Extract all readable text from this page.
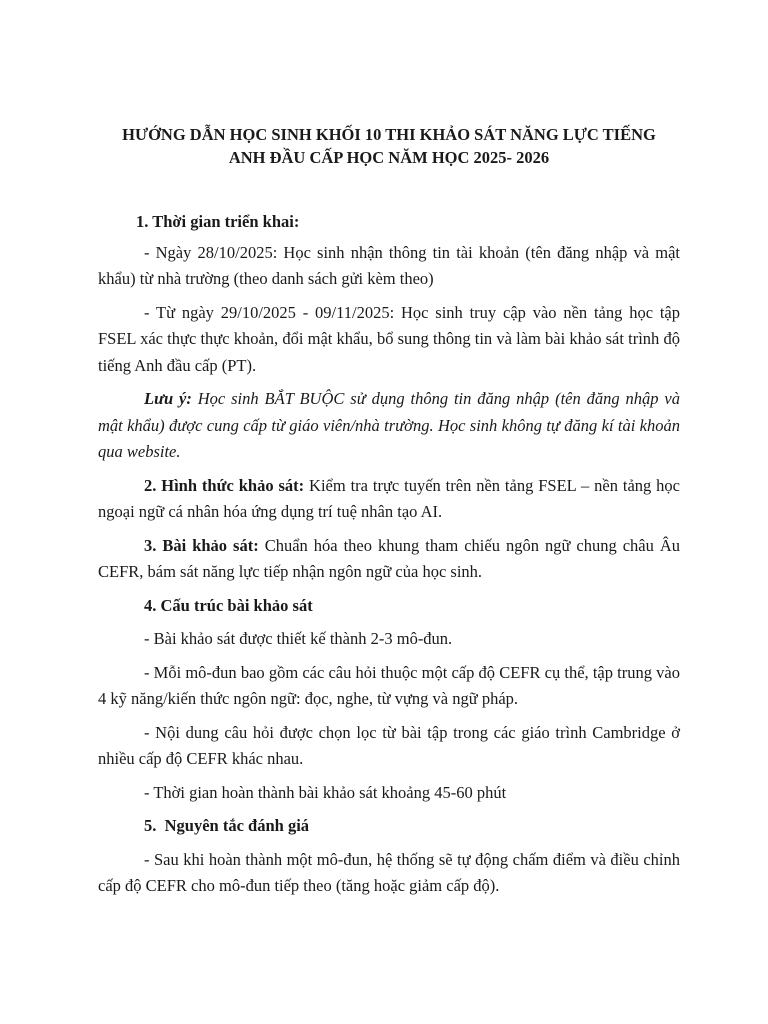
HƯỚNG DẪN HỌC SINH KHỐI 10 THI KHẢO SÁT NĂNG LỰC TIẾNG
ANH ĐẦU CẤP HỌC NĂM HỌC 2025- 2026

1. Thời gian triển khai:

- Ngày 28/10/2025: Học sinh nhận thông tin tài khoản (tên đăng nhập và mật khẩu) từ nhà trường (theo danh sách gửi kèm theo)

- Từ ngày 29/10/2025 - 09/11/2025: Học sinh truy cập vào nền tảng học tập FSEL xác thực thực khoản, đổi mật khẩu, bổ sung thông tin và làm bài khảo sát trình độ tiếng Anh đầu cấp (PT).

Lưu ý: Học sinh BẮT BUỘC sử dụng thông tin đăng nhập (tên đăng nhập và mật khẩu) được cung cấp từ giáo viên/nhà trường. Học sinh không tự đăng kí tài khoản qua website.

2. Hình thức khảo sát: Kiểm tra trực tuyến trên nền tảng FSEL – nền tảng học ngoại ngữ cá nhân hóa ứng dụng trí tuệ nhân tạo AI.

3. Bài khảo sát: Chuẩn hóa theo khung tham chiếu ngôn ngữ chung châu Âu CEFR, bám sát năng lực tiếp nhận ngôn ngữ của học sinh.

4. Cấu trúc bài khảo sát

- Bài khảo sát được thiết kế thành 2-3 mô-đun.

- Mỗi mô-đun bao gồm các câu hỏi thuộc một cấp độ CEFR cụ thể, tập trung vào 4 kỹ năng/kiến thức ngôn ngữ: đọc, nghe, từ vựng và ngữ pháp.

- Nội dung câu hỏi được chọn lọc từ bài tập trong các giáo trình Cambridge ở nhiều cấp độ CEFR khác nhau.

- Thời gian hoàn thành bài khảo sát khoảng 45-60 phút

5.  Nguyên tắc đánh giá

- Sau khi hoàn thành một mô-đun, hệ thống sẽ tự động chấm điểm và điều chỉnh cấp độ CEFR cho mô-đun tiếp theo (tăng hoặc giảm cấp độ).
